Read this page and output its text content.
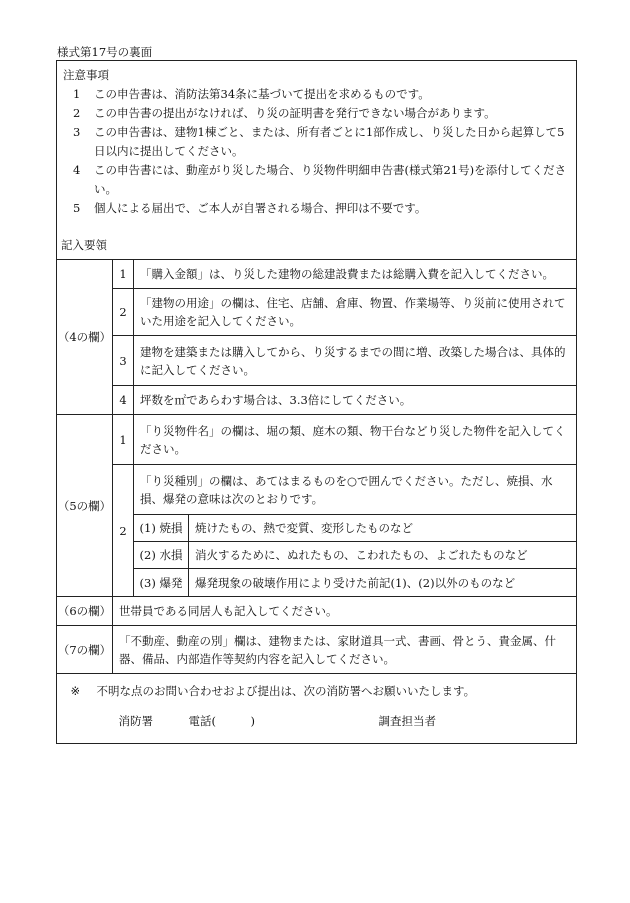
様式第17号の裏面
注意事項
1	この申告書は、消防法第34条に基づいて提出を求めるものです。
2	この申告書の提出がなければ、り災の証明書を発行できない場合があります。
3	この申告書は、建物1棟ごと、または、所有者ごとに1部作成し、り災した日から起算して5日以内に提出してください。
4	この申告書には、動産がり災した場合、り災物件明細申告書(様式第21号)を添付してください。
5	個人による届出で、ご本人が自署される場合、押印は不要です。
記入要領
（4の欄）	1	「購入金額」は、り災した建物の総建設費または総購入費を記入してください。	
	2	「建物の用途」の欄は、住宅、店舗、倉庫、物置、作業場等、り災前に使用されていた用途を記入してください。	
	3	建物を建築または購入してから、り災するまでの間に増、改築した場合は、具体的に記入してください。	
	4	坪数を㎡であらわす場合は、3.3倍にしてください。	
（5の欄）	1	「り災物件名」の欄は、堀の類、庭木の類、物干台などり災した物件を記入してください。	
	2	「り災種別」の欄は、あてはまるものを○で囲んでください。ただし、焼損、水損、爆発の意味は次のとおりです。	
		(1) 焼損	焼けたもの、熱で変質、変形したものなど
		(2) 水損	消火するために、ぬれたもの、こわれたもの、よごれたものなど
		(3) 爆発	爆発現象の破壊作用により受けた前記(1)、(2)以外のものなど
（6の欄）	世帯員である同居人も記入してください。		
（7の欄）	「不動産、動産の別」欄は、建物または、家財道具一式、書画、骨とう、貴金属、什器、備品、内部造作等契約内容を記入してください。		

※ 不明な点のお問い合わせおよび提出は、次の消防署へお願いいたします。
消防署 電話(　　　) 調査担当者			
